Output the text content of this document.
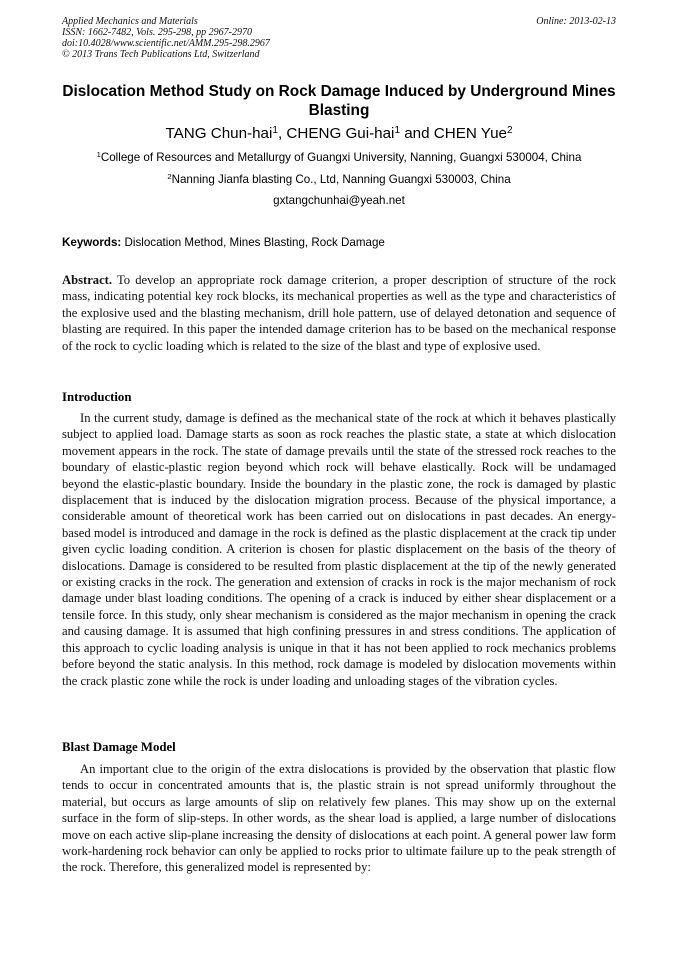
Applied Mechanics and Materials
ISSN: 1662-7482, Vols. 295-298, pp 2967-2970
doi:10.4028/www.scientific.net/AMM.295-298.2967
© 2013 Trans Tech Publications Ltd, Switzerland
Online: 2013-02-13
Dislocation Method Study on Rock Damage Induced by Underground Mines Blasting
TANG Chun-hai$^1$, CHENG Gui-hai$^1$ and CHEN Yue$^2$
$^1$College of Resources and Metallurgy of Guangxi University, Nanning, Guangxi 530004, China
$^2$Nanning Jianfa blasting Co., Ltd, Nanning Guangxi 530003, China
gxtangchunhai@yeah.net
Keywords: Dislocation Method, Mines Blasting, Rock Damage

Abstract. To develop an appropriate rock damage criterion, a proper description of structure of the rock mass, indicating potential key rock blocks, its mechanical properties as well as the type and characteristics of the explosive used and the blasting mechanism, drill hole pattern, use of delayed detonation and sequence of blasting are required. In this paper the intended damage criterion has to be based on the mechanical response of the rock to cyclic loading which is related to the size of the blast and type of explosive used.

Introduction

In the current study, damage is defined as the mechanical state of the rock at which it behaves plastically subject to applied load. Damage starts as soon as rock reaches the plastic state, a state at which dislocation movement appears in the rock. The state of damage prevails until the state of the stressed rock reaches to the boundary of elastic-plastic region beyond which rock will behave elastically. Rock will be undamaged beyond the elastic-plastic boundary. Inside the boundary in the plastic zone, the rock is damaged by plastic displacement that is induced by the dislocation migration process. Because of the physical importance, a considerable amount of theoretical work has been carried out on dislocations in past decades. An energy-based model is introduced and damage in the rock is defined as the plastic displacement at the crack tip under given cyclic loading condition. A criterion is chosen for plastic displacement on the basis of the theory of dislocations. Damage is considered to be resulted from plastic displacement at the tip of the newly generated or existing cracks in the rock. The generation and extension of cracks in rock is the major mechanism of rock damage under blast loading conditions. The opening of a crack is induced by either shear displacement or a tensile force. In this study, only shear mechanism is considered as the major mechanism in opening the crack and causing damage. It is assumed that high confining pressures in and stress conditions. The application of this approach to cyclic loading analysis is unique in that it has not been applied to rock mechanics problems before beyond the static analysis. In this method, rock damage is modeled by dislocation movements within the crack plastic zone while the rock is under loading and unloading stages of the vibration cycles.

Blast Damage Model

An important clue to the origin of the extra dislocations is provided by the observation that plastic flow tends to occur in concentrated amounts that is, the plastic strain is not spread uniformly throughout the material, but occurs as large amounts of slip on relatively few planes. This may show up on the external surface in the form of slip-steps. In other words, as the shear load is applied, a large number of dislocations move on each active slip-plane increasing the density of dislocations at each point. A general power law form work-hardening rock behavior can only be applied to rocks prior to ultimate failure up to the peak strength of the rock. Therefore, this generalized model is represented by:
